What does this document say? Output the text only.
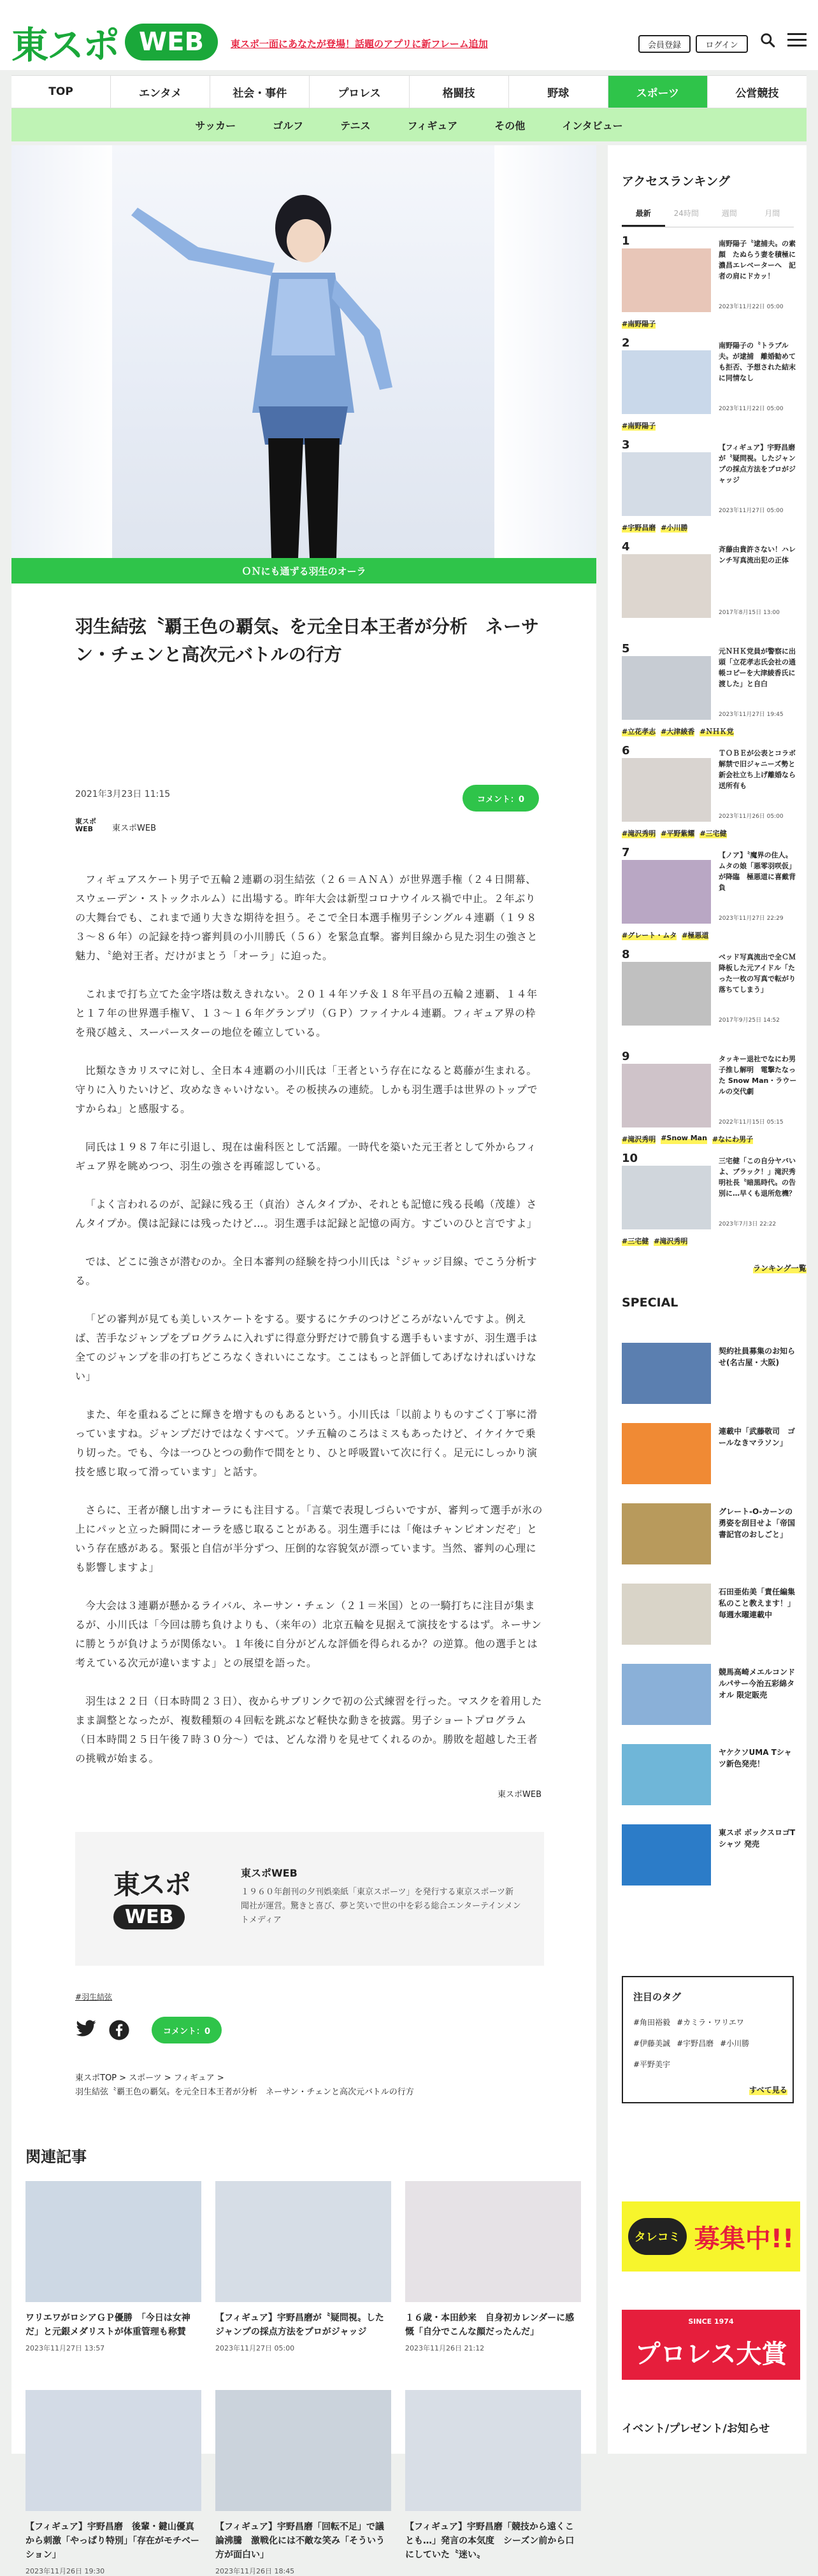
東スポ WEB	東スポ一面にあなたが登場！話題のアプリに新フレーム追加	会員登録	ログイン
TOP	エンタメ	社会・事件	プロレス	格闘技	野球	スポーツ	公営競技
サッカー	ゴルフ	テニス	フィギュア	その他	インタビュー
ＯＮにも通ずる羽生のオーラ
羽生結弦〝覇王色の覇気〟を元全日本王者が分析　ネーサン・チェンと高次元バトルの行方
2021年3月23日 11:15	コメント：0
東スポWEB	東スポWEB

フィギュアスケート男子で五輪２連覇の羽生結弦（２６＝ＡＮＡ）が世界選手権（２４日開幕、スウェーデン・ストックホルム）に出場する。昨年大会は新型コロナウイルス禍で中止。２年ぶりの大舞台でも、これまで通り大きな期待を担う。そこで全日本選手権男子シングル４連覇（１９８３〜８６年）の記録を持つ審判員の小川勝氏（５６）を緊急直撃。審判目線から見た羽生の強さと魅力、〝絶対王者〟だけがまとう「オーラ」に迫った。

これまで打ち立てた金字塔は数えきれない。２０１４年ソチ＆１８年平昌の五輪２連覇、１４年と１７年の世界選手権Ｖ、１３〜１６年グランプリ（ＧＰ）ファイナル４連覇。フィギュア界の枠を飛び越え、スーパースターの地位を確立している。

比類なきカリスマに対し、全日本４連覇の小川氏は「王者という存在になると葛藤が生まれる。守りに入りたいけど、攻めなきゃいけない。その板挟みの連続。しかも羽生選手は世界のトップですからね」と感服する。

同氏は１９８７年に引退し、現在は歯科医として活躍。一時代を築いた元王者として外からフィギュア界を眺めつつ、羽生の強さを再確認している。

「よく言われるのが、記録に残る王（貞治）さんタイプか、それとも記憶に残る長嶋（茂雄）さんタイプか。僕は記録には残ったけど…。羽生選手は記録と記憶の両方。すごいのひと言ですよ」

では、どこに強さが潜むのか。全日本審判の経験を持つ小川氏は〝ジャッジ目線〟でこう分析する。

「どの審判が見ても美しいスケートをする。要するにケチのつけどころがないんですよ。例えば、苦手なジャンプをプログラムに入れずに得意分野だけで勝負する選手もいますが、羽生選手は全てのジャンプを非の打ちどころなくきれいにこなす。ここはもっと評価してあげなければいけない」

また、年を重ねるごとに輝きを増すものもあるという。小川氏は「以前よりものすごく丁寧に滑っていますね。ジャンプだけではなくすべて。ソチ五輪のころはミスもあったけど、イケイケで乗り切った。でも、今は一つひとつの動作で間をとり、ひと呼吸置いて次に行く。足元にしっかり演技を感じ取って滑っています」と話す。

さらに、王者が醸し出すオーラにも注目する。「言葉で表現しづらいですが、審判って選手が氷の上にパッと立った瞬間にオーラを感じ取ることがある。羽生選手には「俺はチャンピオンだぞ」という存在感がある。緊張と自信が半分ずつ、圧倒的な容貌気が漂っています。当然、審判の心理にも影響しますよ」

今大会は３連覇が懸かるライバル、ネーサン・チェン（２１＝米国）との一騎打ちに注目が集まるが、小川氏は「今回は勝ち負けよりも、（来年の）北京五輪を見据えて演技をするはず。ネーサンに勝とうが負けようが関係ない。１年後に自分がどんな評価を得られるか？の逆算。他の選手とは考えている次元が違いますよ」との展望を語った。

羽生は２２日（日本時間２３日）、夜からサブリンクで初の公式練習を行った。マスクを着用したまま調整となったが、複数種類の４回転を跳ぶなど軽快な動きを披露。男子ショートプログラム（日本時間２５日午後７時３０分〜）では、どんな滑りを見せてくれるのか。勝敗を超越した王者の挑戦が始まる。

東スポWEB
東スポ
WEB
東スポWEB
１９６０年創刊の夕刊娯楽紙「東京スポーツ」を発行する東京スポーツ新聞社が運営。驚きと喜び、夢と笑いで世の中を彩る総合エンターテインメントメディア
#羽生結弦
コメント：0
東スポTOP > スポーツ > フィギュア >
羽生結弦〝覇王色の覇気〟を元全日本王者が分析　ネーサン・チェンと高次元バトルの行方
関連記事
ワリエワがロシアＧＰ優勝　「今日は女神だ」と元銀メダリストが体重管理も称賛
2023年11月27日 13:57
【フィギュア】宇野昌磨が〝疑問視〟したジャンプの採点方法をプロがジャッジ
2023年11月27日 05:00
１６歳・本田紗来　自身初カレンダーに感慨「自分でこんな顔だったんだ」
2023年11月26日 21:12
【フィギュア】宇野昌磨　後輩・鍵山優真から刺激「やっぱり特別」「存在がモチベーション」
2023年11月26日 19:30
【フィギュア】宇野昌磨「回転不足」で議論沸騰　激戦化には不敵な笑み「そういう方が面白い」
2023年11月26日 18:45
【フィギュア】宇野昌磨「競技から遠くことも…」発言の本気度　シーズン前から口にしていた〝迷い〟
アクセスランキング
最新	24時間	週間	月間
1	南野陽子〝逮捕夫〟の素顔　たぬらう妻を積極に濃昌エレベーターへ　記者の肩にドカッ！
2023年11月22日 05:00
#南野陽子
2	南野陽子の〝トラブル夫〟が逮捕　離婚勧めても拒否、予想された結末に同情なし
2023年11月22日 05:00
#南野陽子
3	【フィギュア】宇野昌磨が〝疑問視〟したジャンプの採点方法をプロがジャッジ
2023年11月27日 05:00
#宇野昌磨 #小川勝
4	斉藤由貴許さない！ハレンチ写真流出犯の正体
2017年8月15日 13:00
5	元ＮＨＫ党員が警察に出頭「立花孝志氏会社の通帳コピーを大津綾香氏に渡した」と自白
2023年11月27日 19:45
#立花孝志 #大津綾香 #ＮＨＫ党
6	ＴＯＢＥが公表とコラボ解禁で旧ジャニーズ勢と新会社立ち上げ離婚なら送所有も
2023年11月26日 05:00
#滝沢秀明 #平野紫耀 #三宅健
7	【ノア】〝魔界の住人〟ムタの娘「悪零羽咲仮」が降臨　極悪道に喜戴背負
2023年11月27日 22:29
#グレート・ムタ #極悪道
8	ベッド写真流出で全ＣＭ降板した元アイドル「たった一枚の写真で転がり落ちてしまう」
2017年9月25日 14:52
9	タッキー退社でなにわ男子推し解明　電撃たなった Snow Man・ラウールの交代劇
2022年11月15日 05:15
#滝沢秀明 #Snow Man #なにわ男子
10	三宅健「この自分ヤバいよ、ブラック！」滝沢秀明社長〝暗黒時代〟の告別に…早くも退所危機？
2023年7月3日 22:22
#三宅健 #滝沢秀明
ランキング一覧
SPECIAL
契約社員募集のお知らせ(名古屋・大阪)
連載中「武藤敬司　ゴールなきマラソン」
グレート-O-カーンの勇姿を刮目せよ「帝国書記官のおしごと」
石田亜佑美「責任編集　私のこと教えます！」毎週水曜連載中
競馬高崎メエルコンドルパサー今治五彩綿タオル 限定販売
ヤケクソUMA Tシャツ新色発売！
東スポ ボックスロゴTシャツ 発売
注目のタグ
#角田裕毅 #カミラ・ワリエワ
#伊藤美誠 #宇野昌磨 #小川勝
#平野美宇
すべて見る
タレコミ 募集中!!
SINCE 1974
プロレス大賞
イベント/プレゼント/お知らせ
